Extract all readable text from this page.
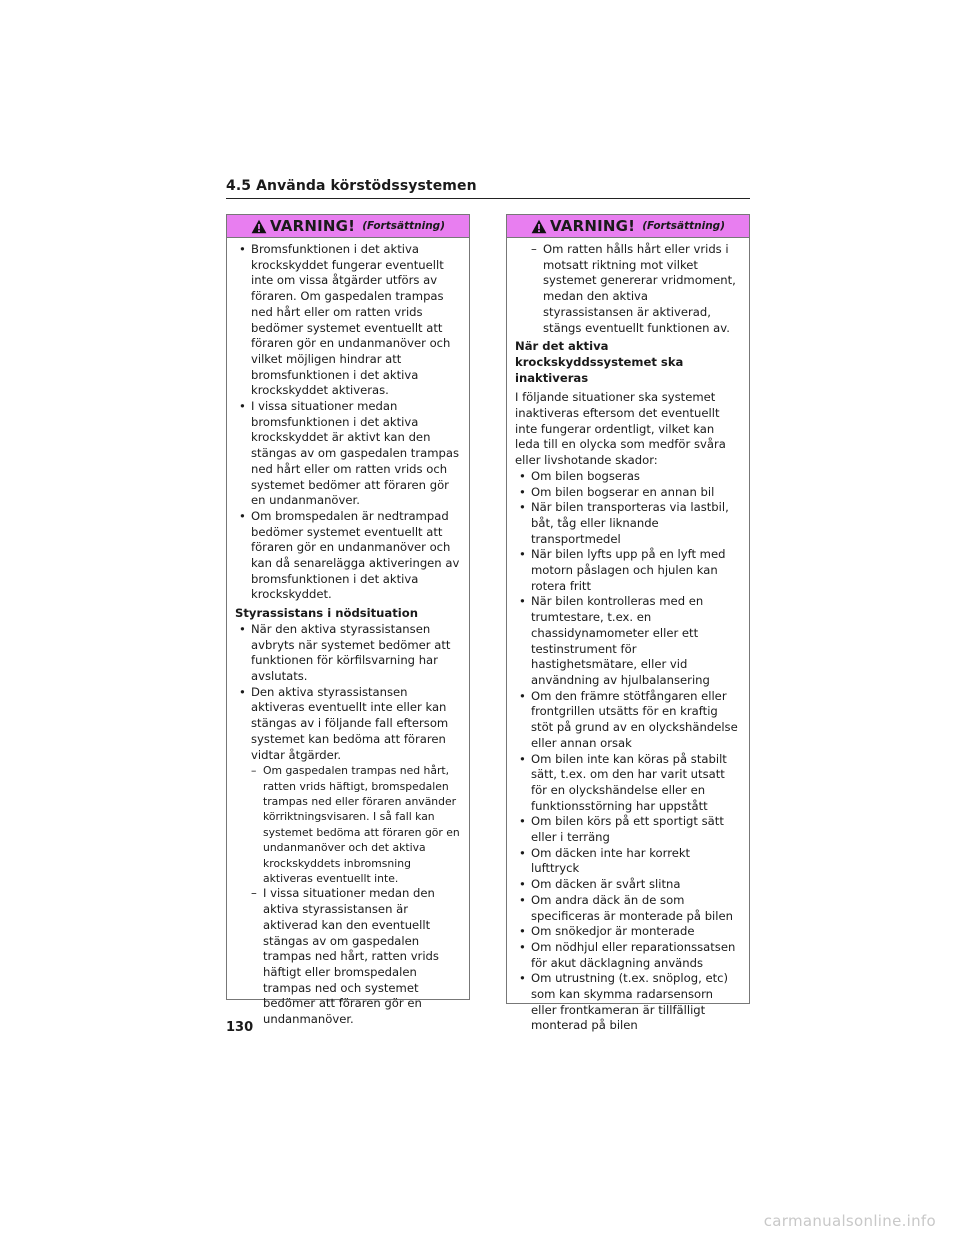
4.5 Använda körstödssystemen
VARNING! (Fortsättning)

• Bromsfunktionen i det aktiva krockskyddet fungerar eventuellt inte om vissa åtgärder utförs av föraren. Om gaspedalen trampas ned hårt eller om ratten vrids bedömer systemet eventuellt att föraren gör en undanmanöver och vilket möjligen hindrar att bromsfunktionen i det aktiva krockskyddet aktiveras.

• I vissa situationer medan bromsfunktionen i det aktiva krockskyddet är aktivt kan den stängas av om gaspedalen trampas ned hårt eller om ratten vrids och systemet bedömer att föraren gör en undanmanöver.

• Om bromspedalen är nedtrampad bedömer systemet eventuellt att föraren gör en undanmanöver och kan då senarelägga aktiveringen av bromsfunktionen i det aktiva krockskyddet.

Styrassistans i nödsituation

• När den aktiva styrassistansen avbryts när systemet bedömer att funktionen för körfilsvarning har avslutats.

• Den aktiva styrassistansen aktiveras eventuellt inte eller kan stängas av i följande fall eftersom systemet kan bedöma att föraren vidtar åtgärder.

– Om gaspedalen trampas ned hårt, ratten vrids häftigt, bromspedalen trampas ned eller föraren använder körriktningsvisaren. I så fall kan systemet bedöma att föraren gör en undanmanöver och det aktiva krockskyddets inbromsning aktiveras eventuellt inte.

– I vissa situationer medan den aktiva styrassistansen är aktiverad kan den eventuellt stängas av om gaspedalen trampas ned hårt, ratten vrids häftigt eller bromspedalen trampas ned och systemet bedömer att föraren gör en undanmanöver.

VARNING! (Fortsättning)

– Om ratten hålls hårt eller vrids i motsatt riktning mot vilket systemet genererar vridmoment, medan den aktiva styrassistansen är aktiverad, stängs eventuellt funktionen av.

När det aktiva krockskyddssystemet ska inaktiveras

I följande situationer ska systemet inaktiveras eftersom det eventuellt inte fungerar ordentligt, vilket kan leda till en olycka som medför svåra eller livshotande skador:

• Om bilen bogseras

• Om bilen bogserar en annan bil

• När bilen transporteras via lastbil, båt, tåg eller liknande transportmedel

• När bilen lyfts upp på en lyft med motorn påslagen och hjulen kan rotera fritt

• När bilen kontrolleras med en trumtestare, t.ex. en chassidynamometer eller ett testinstrument för hastighetsmätare, eller vid användning av hjulbalansering

• Om den främre stötfångaren eller frontgrillen utsätts för en kraftig stöt på grund av en olyckshändelse eller annan orsak

• Om bilen inte kan köras på stabilt sätt, t.ex. om den har varit utsatt för en olyckshändelse eller en funktionsstörning har uppstått

• Om bilen körs på ett sportigt sätt eller i terräng

• Om däcken inte har korrekt lufttryck

• Om däcken är svårt slitna

• Om andra däck än de som specificeras är monterade på bilen

• Om snökedjor är monterade

• Om nödhjul eller reparationssatsen för akut däcklagning används

• Om utrustning (t.ex. snöplog, etc) som kan skymma radarsensorn eller frontkameran är tillfälligt monterad på bilen

130
carmanualsonline.info
